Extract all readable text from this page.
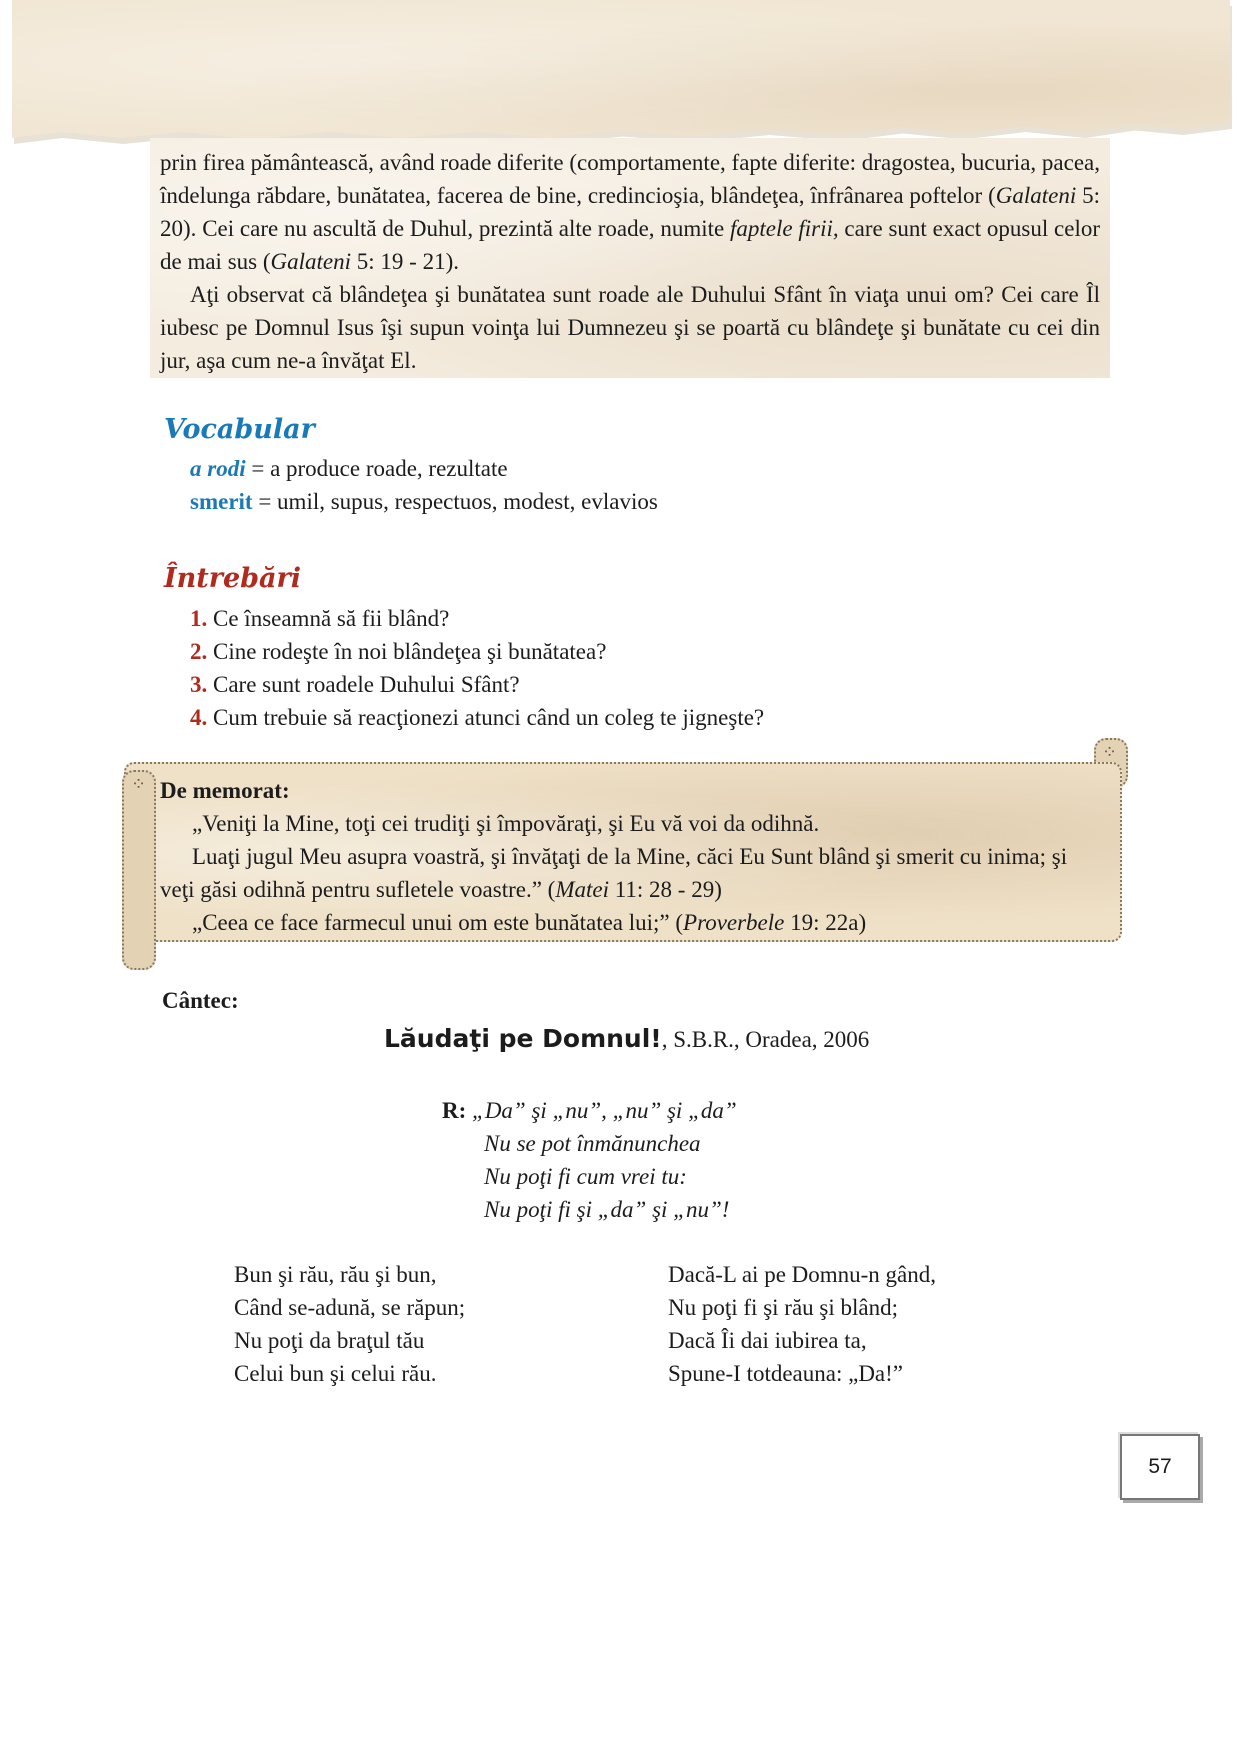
prin firea pământească, având roade diferite (comportamente, fapte diferite: dragostea, bucuria, pacea, îndelunga răbdare, bunătatea, facerea de bine, credincioşia, blândeţea, înfrânarea poftelor (Galateni 5: 20). Cei care nu ascultă de Duhul, prezintă alte roade, numite faptele firii, care sunt exact opusul celor de mai sus (Galateni 5: 19 - 21).

Aţi observat că blândeţea şi bunătatea sunt roade ale Duhului Sfânt în viaţa unui om? Cei care Îl iubesc pe Domnul Isus îşi supun voinţa lui Dumnezeu şi se poartă cu blândeţe şi bunătate cu cei din jur, aşa cum ne-a învăţat El.

Vocabular
a rodi = a produce roade, rezultate
smerit = umil, supus, respectuos, modest, evlavios
Întrebări
1. Ce înseamnă să fii blând?
2. Cine rodeşte în noi blândeţea şi bunătatea?
3. Care sunt roadele Duhului Sfânt?
4. Cum trebuie să reacţionezi atunci când un coleg te jigneşte?
⁘
⁘

De memorat:

„Veniţi la Mine, toţi cei trudiţi şi împovăraţi, şi Eu vă voi da odihnă.

Luaţi jugul Meu asupra voastră, şi învăţaţi de la Mine, căci Eu Sunt blând şi smerit cu inima; şi veţi găsi odihnă pentru sufletele voastre.” (Matei 11: 28 - 29)

„Ceea ce face farmecul unui om este bunătatea lui;” (Proverbele 19: 22a)

Cântec:
Lăudaţi pe Domnul!, S.B.R., Oradea, 2006
R: „Da” şi „nu”, „nu” şi „da”
Nu se pot înmănunchea
Nu poţi fi cum vrei tu:
Nu poţi fi şi „da” şi „nu”!
Bun şi rău, rău şi bun,
Când se-adună, se răpun;
Nu poţi da braţul tău
Celui bun şi celui rău.
Dacă-L ai pe Domnu-n gând,
Nu poţi fi şi rău şi blând;
Dacă Îi dai iubirea ta,
Spune-I totdeauna: „Da!”
57
